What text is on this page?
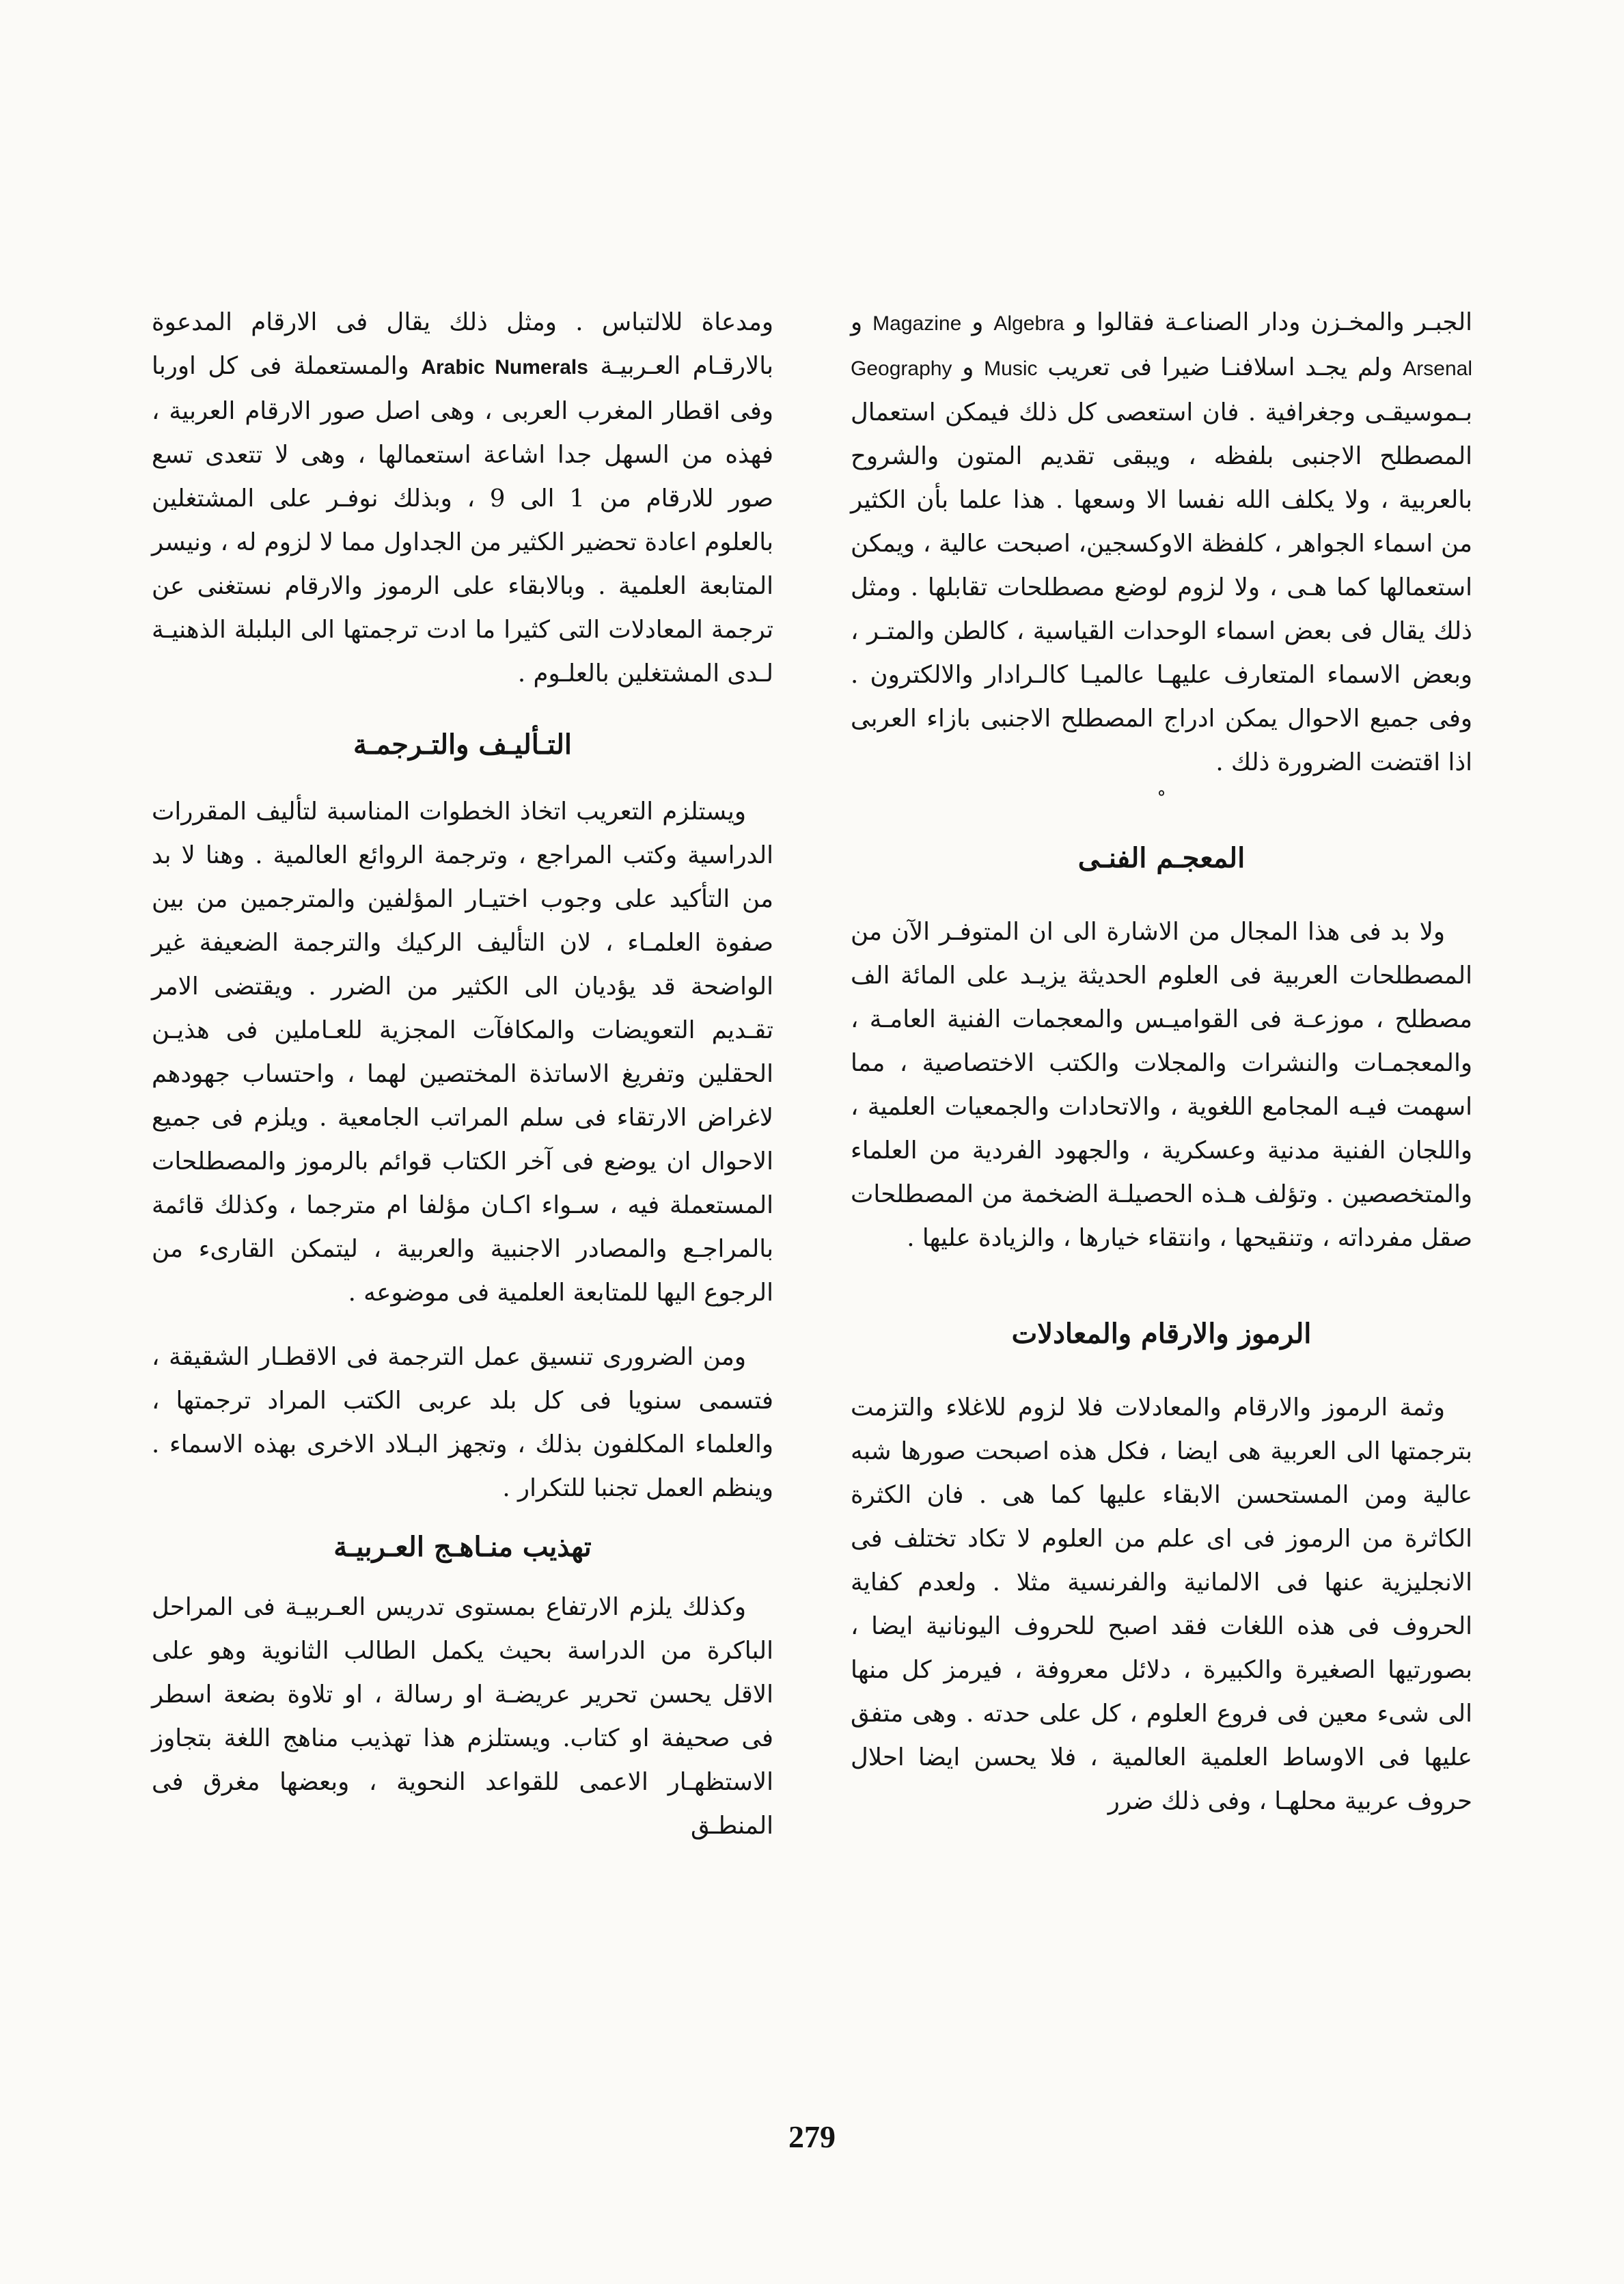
الجبـر والمخـزن ودار الصناعـة فقالوا و Algebra و Magazine و Arsenal ولم يجـد اسلافنـا ضيرا فى تعريب Music و Geography بـموسيقـى وجغرافية . فان استعصى كل ذلك فيمكن استعمال المصطلح الاجنبى بلفظه ، ويبقى تقديم المتون والشروح بالعربية ، ولا يكلف الله نفسا الا وسعها . هذا علما بأن الكثير من اسماء الجواهر ، كلفظة الاوكسجين، اصبحت عالية ، ويمكن استعمالها كما هـى ، ولا لزوم لوضع مصطلحات تقابلها . ومثل ذلك يقال فى بعض اسماء الوحدات القياسية ، كالطن والمتـر ، وبعض الاسماء المتعارف عليهـا عالميـا كالـرادار والالكترون . وفى جميع الاحوال يمكن ادراج المصطلح الاجنبى بازاء العربى اذا اقتضت الضرورة ذلك .

°

المعجـم الفنـى

ولا بد فى هذا المجال من الاشارة الى ان المتوفـر الآن من المصطلحات العربية فى العلوم الحديثة يزيـد على المائة الف مصطلح ، موزعـة فى القواميـس والمعجمات الفنية العامـة ، والمعجمـات والنشرات والمجلات والكتب الاختصاصية ، مما اسهمت فيـه المجامع اللغوية ، والاتحادات والجمعيات العلمية ، واللجان الفنية مدنية وعسكرية ، والجهود الفردية من العلماء والمتخصصين . وتؤلف هـذه الحصيلـة الضخمة من المصطلحات صقل مفرداته ، وتنقيحها ، وانتقاء خيارها ، والزيادة عليها .

الرموز والارقام والمعادلات

وثمة الرموز والارقام والمعادلات فلا لزوم للاغلاء والتزمت بترجمتها الى العربية هى ايضا ، فكل هذه اصبحت صورها شبه عالية ومن المستحسن الابقاء عليها كما هى . فان الكثرة الكاثرة من الرموز فى اى علم من العلوم لا تكاد تختلف فى الانجليزية عنها فى الالمانية والفرنسية مثلا . ولعدم كفاية الحروف فى هذه اللغات فقد اصبح للحروف اليونانية ايضا ، بصورتيها الصغيرة والكبيرة ، دلائل معروفة ، فيرمز كل منها الى شىء معين فى فروع العلوم ، كل على حدته . وهى متفق عليها فى الاوساط العلمية العالمية ، فلا يحسن ايضا احلال حروف عربية محلهـا ، وفى ذلك ضرر

ومدعاة للالتباس . ومثل ذلك يقال فى الارقام المدعوة بالارقـام العـربيـة Arabic Numerals والمستعملة فى كل اوربا وفى اقطار المغرب العربى ، وهى اصل صور الارقام العربية ، فهذه من السهل جدا اشاعة استعمالها ، وهى لا تتعدى تسع صور للارقام من 1 الى 9 ، وبذلك نوفـر على المشتغلين بالعلوم اعادة تحضير الكثير من الجداول مما لا لزوم له ، ونيسر المتابعة العلمية . وبالابقاء على الرموز والارقام نستغنى عن ترجمة المعادلات التى كثيرا ما ادت ترجمتها الى البلبلة الذهنيـة لـدى المشتغلين بالعلـوم .

التـأليـف والتـرجمـة

ويستلزم التعريب اتخاذ الخطوات المناسبة لتأليف المقررات الدراسية وكتب المراجع ، وترجمة الروائع العالمية . وهنا لا بد من التأكيد على وجوب اختيـار المؤلفين والمترجمين من بين صفوة العلمـاء ، لان التأليف الركيك والترجمة الضعيفة غير الواضحة قد يؤديان الى الكثير من الضرر . ويقتضى الامر تقـديم التعويضات والمكافآت المجزية للعـاملين فى هذيـن الحقلين وتفريغ الاساتذة المختصين لهما ، واحتساب جهودهم لاغراض الارتقاء فى سلم المراتب الجامعية . ويلزم فى جميع الاحوال ان يوضع فى آخر الكتاب قوائم بالرموز والمصطلحات المستعملة فيه ، سـواء اكـان مؤلفا ام مترجما ، وكذلك قائمة بالمراجـع والمصادر الاجنبية والعربية ، ليتمكن القارىء من الرجوع اليها للمتابعة العلمية فى موضوعه .

ومن الضرورى تنسيق عمل الترجمة فى الاقطـار الشقيقة ، فتسمى سنويا فى كل بلد عربى الكتب المراد ترجمتها ، والعلماء المكلفون بذلك ، وتجهز البـلاد الاخرى بهذه الاسماء . وينظم العمل تجنبا للتكرار .

تهذيب منـاهـج العـربيـة

وكذلك يلزم الارتفاع بمستوى تدريس العـربيـة فى المراحل الباكرة من الدراسة بحيث يكمل الطالب الثانوية وهو على الاقل يحسن تحرير عريضـة او رسالة ، او تلاوة بضعة اسطر فى صحيفة او كتاب. ويستلزم هذا تهذيب مناهج اللغة بتجاوز الاستظهـار الاعمى للقواعد النحوية ، وبعضها مغرق فى المنطـق

279
